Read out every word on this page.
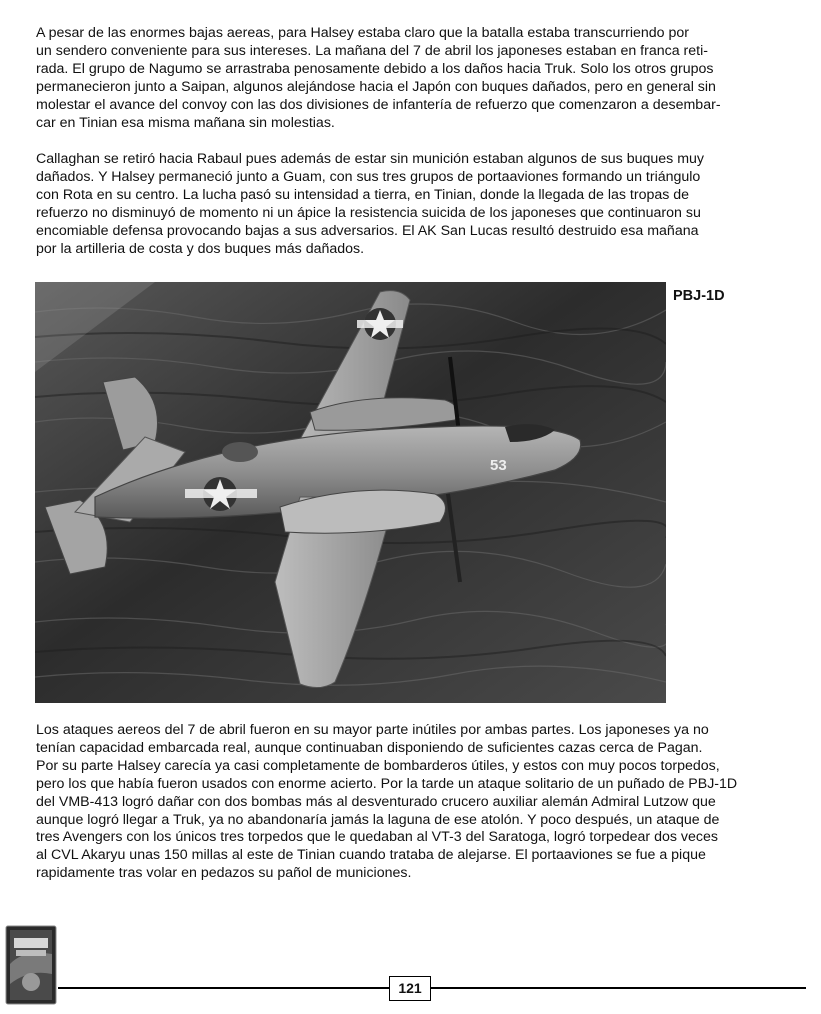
A pesar de las enormes bajas aereas, para Halsey estaba claro que la batalla estaba transcurriendo por
un sendero conveniente para sus intereses. La mañana del 7 de abril los japoneses estaban en franca reti-
rada. El grupo de Nagumo se arrastraba penosamente debido a los daños hacia Truk. Solo los otros grupos
permanecieron junto a Saipan, algunos alejándose hacia el Japón con buques dañados, pero en general sin
molestar el avance del convoy con las dos divisiones de infantería de refuerzo que comenzaron a desembar-
car en Tinian esa misma mañana sin molestias.
Callaghan se retiró hacia Rabaul pues además de estar sin munición estaban algunos de sus buques muy
dañados. Y Halsey permaneció junto a Guam, con sus tres grupos de portaaviones formando un triángulo
con Rota en su centro. La lucha pasó su intensidad a tierra, en Tinian, donde la llegada de las tropas de
refuerzo no disminuyó de momento ni un ápice la resistencia suicida de los japoneses que continuaron su
encomiable defensa provocando bajas a sus adversarios. El AK San Lucas resultó destruido esa mañana
por la artilleria de costa y dos buques más dañados.
53
PBJ-1D
Los ataques aereos del 7 de abril fueron en su mayor parte inútiles por ambas partes. Los japoneses ya no
tenían capacidad embarcada real, aunque continuaban disponiendo de suficientes cazas cerca de Pagan.
Por su parte Halsey carecía ya casi completamente de bombarderos útiles, y estos con muy pocos torpedos,
pero los que había fueron usados con enorme acierto. Por la tarde un ataque solitario de un puñado de PBJ-1D
del VMB-413 logró dañar con dos bombas más al desventurado crucero auxiliar alemán Admiral Lutzow que
aunque logró llegar a Truk, ya no abandonaría jamás la laguna de ese atolón. Y poco después, un ataque de
tres Avengers con los únicos tres torpedos que le quedaban al VT-3 del Saratoga, logró torpedear dos veces
al CVL Akaryu unas 150 millas al este de Tinian cuando trataba de alejarse. El portaaviones se fue a pique
rapidamente tras volar en pedazos su pañol de municiones.
121
